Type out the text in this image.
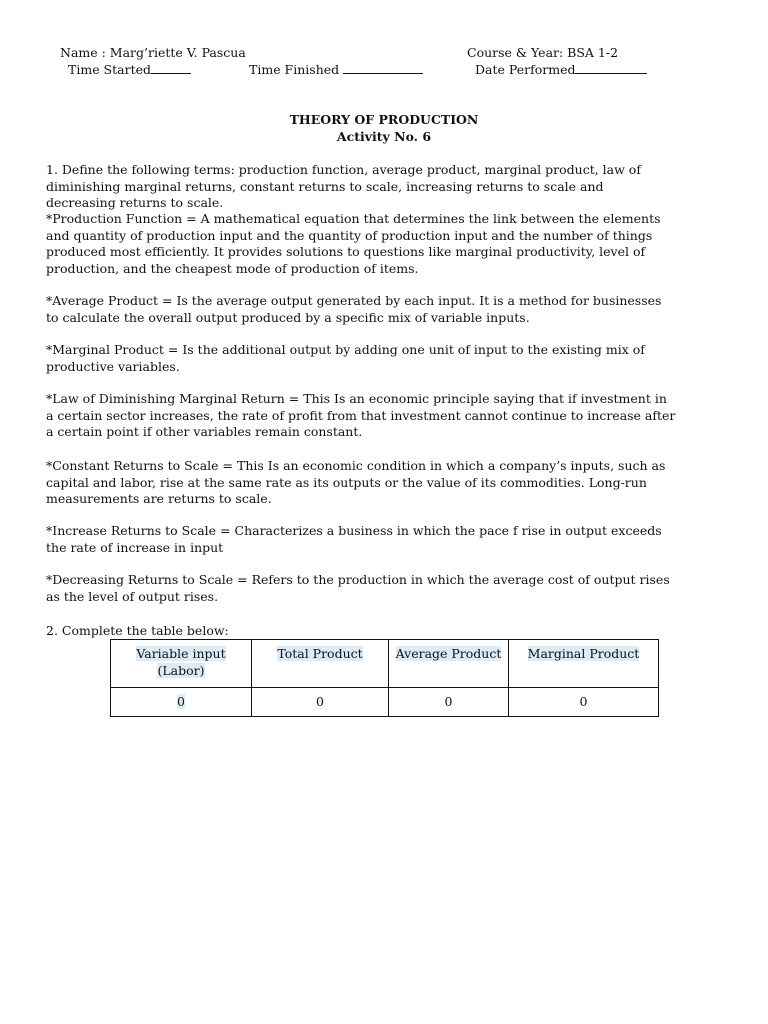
Name : Marg’riette V. Pascua	Course & Year: BSA 1-2
Time Started	Time Finished	Date Performed
THEORY OF PRODUCTION
Activity No. 6

1. Define the following terms: production function, average product, marginal product, law of diminishing marginal returns, constant returns to scale, increasing returns to scale and decreasing returns to scale.

*Production Function = A mathematical equation that determines the link between the elements and quantity of production input and the quantity of production input and the number of things produced most efficiently. It provides solutions to questions like marginal productivity, level of production, and the cheapest mode of production of items.

*Average Product = Is the average output generated by each input. It is a method for businesses to calculate the overall output produced by a specific mix of variable inputs.

*Marginal Product = Is the additional output by adding one unit of input to the existing mix of productive variables.

*Law of Diminishing Marginal Return = This Is an economic principle saying that if investment in a certain sector increases, the rate of profit from that investment cannot continue to increase after a certain point if other variables remain constant.

*Constant Returns to Scale = This Is an economic condition in which a company’s inputs, such as capital and labor, rise at the same rate as its outputs or the value of its commodities. Long-run measurements are returns to scale.

*Increase Returns to Scale = Characterizes a business in which the pace f rise in output exceeds the rate of increase in input

*Decreasing Returns to Scale = Refers to the production in which the average cost of output rises as the level of output rises.

2. Complete the table below:

Variable input (Labor)	Total Product	Average Product	Marginal Product
0	0	0	0
